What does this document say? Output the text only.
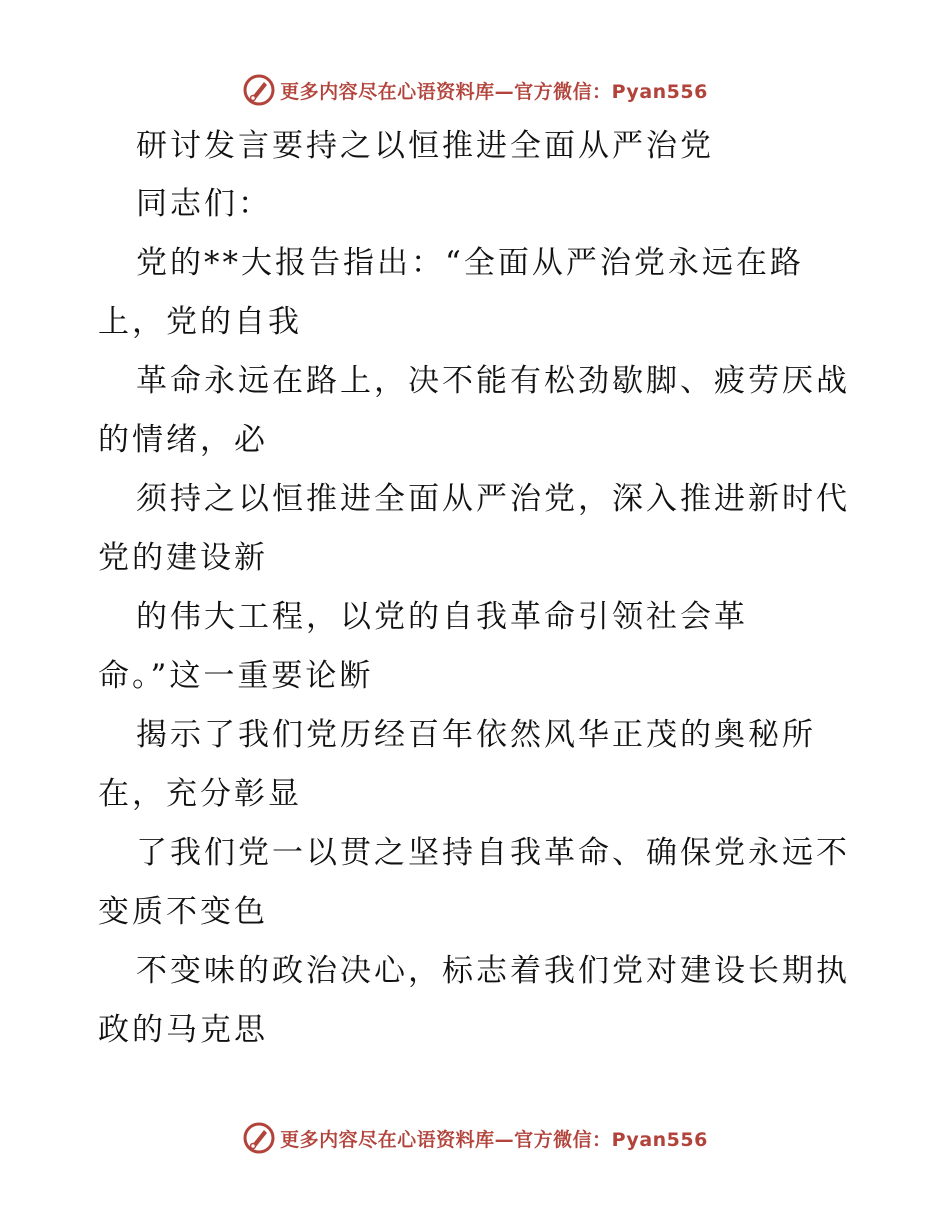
更多内容尽在心语资料库—官方微信：Pyan556
研讨发言要持之以恒推进全面从严治党
同志们：
党的**大报告指出：“全面从严治党永远在路
上，党的自我
革命永远在路上，决不能有松劲歇脚、疲劳厌战
的情绪，必
须持之以恒推进全面从严治党，深入推进新时代
党的建设新
的伟大工程，以党的自我革命引领社会革
命。”这一重要论断
揭示了我们党历经百年依然风华正茂的奥秘所
在，充分彰显
了我们党一以贯之坚持自我革命、确保党永远不
变质不变色
不变味的政治决心，标志着我们党对建设长期执
政的马克思
更多内容尽在心语资料库—官方微信：Pyan556
